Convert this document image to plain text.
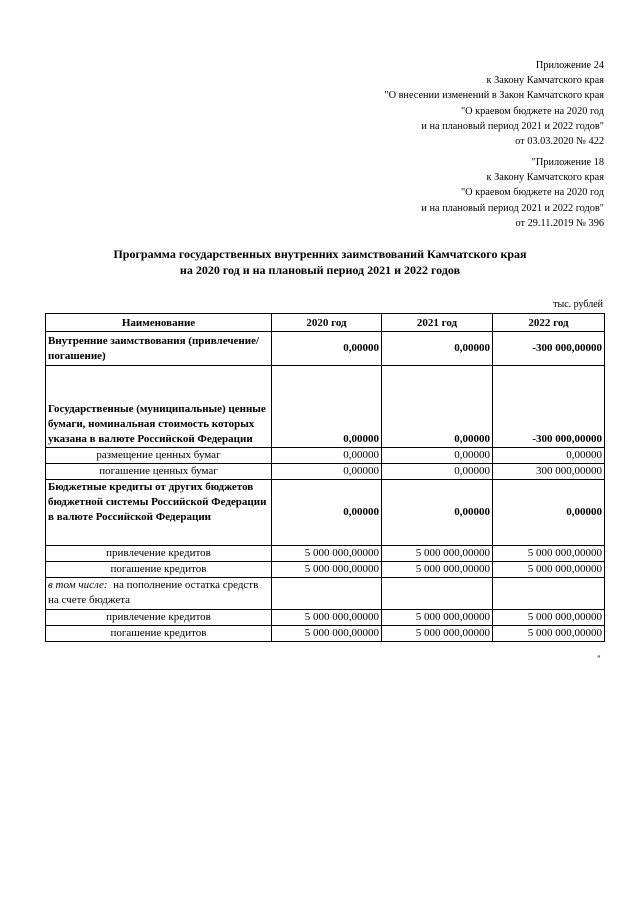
Приложение 24
к Закону Камчатского края
"О внесении изменений в Закон Камчатского края
"О краевом бюджете на 2020 год
и на плановый период 2021 и 2022 годов"
от 03.03.2020 № 422
"Приложение 18
к Закону Камчатского края
"О краевом бюджете на 2020 год
и на плановый период 2021 и 2022 годов"
от 29.11.2019 № 396
Программа государственных внутренних заимствований Камчатского края
на 2020 год и на плановый период 2021 и 2022 годов
тыс. рублей
Наименование	2020 год	2021 год	2022 год
Внутренние заимствования (привлечение/погашение)	0,00000	0,00000	-300 000,00000
Государственные (муниципальные) ценные бумаги, номинальная стоимость которых указана в валюте Российской Федерации	0,00000	0,00000	-300 000,00000
размещение ценных бумаг	0,00000	0,00000	0,00000
погашение ценных бумаг	0,00000	0,00000	300 000,00000
Бюджетные кредиты от других бюджетов бюджетной системы Российской Федерации в валюте Российской Федерации	0,00000	0,00000	0,00000
привлечение кредитов	5 000 000,00000	5 000 000,00000	5 000 000,00000
погашение кредитов	5 000 000,00000	5 000 000,00000	5 000 000,00000
в том числе: на пополнение остатка средств на счете бюджета			
привлечение кредитов	5 000 000,00000	5 000 000,00000	5 000 000,00000
погашение кредитов	5 000 000,00000	5 000 000,00000	5 000 000,00000
"
